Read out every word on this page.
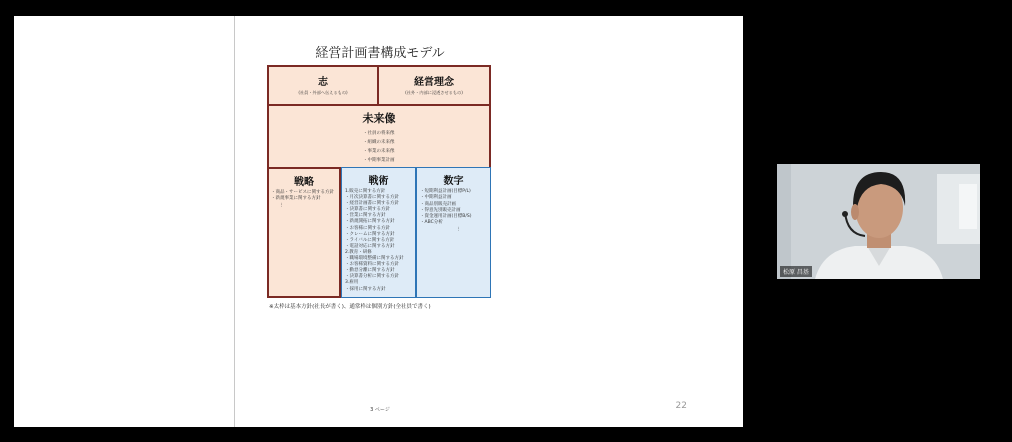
経営計画書構成モデル
志
(社員・外部へ伝えるもの)
経営理念
(社外・内部に浸透させるもの)
未来像
・社員の将来像
・組織の未来像
・事業の未来像
・中期事業計画
戦略
・商品・サービスに関する方針
・新規事業に関する方針
⋮
戦術
1.販売に関する方針
・月次決算書に関する方針
・経営計画書に関する方針
・決算書に関する方針
・営業に関する方針
・新規開拓に関する方針
・お客様に関する方針
・クレームに関する方針
・ライバルに関する方針
・電話対応に関する方針
2.教育・研修
・職場環境整備に関する方針
・お客様資料に関する方針
・勤怠分離に関する方針
・決算書分析に関する方針
3.雇用
・採用に関する方針
数字
・短期利益計画(目標P/L)
・中期利益計画
・商品別販売計画
・得意先別販売計画
・資金運用計画(目標B/S)
・ABC分析
⋮
※太枠は基本方針(社長が書く)、通常枠は個別方針(全社員で書く)
3 ページ	22
松原 昌基
